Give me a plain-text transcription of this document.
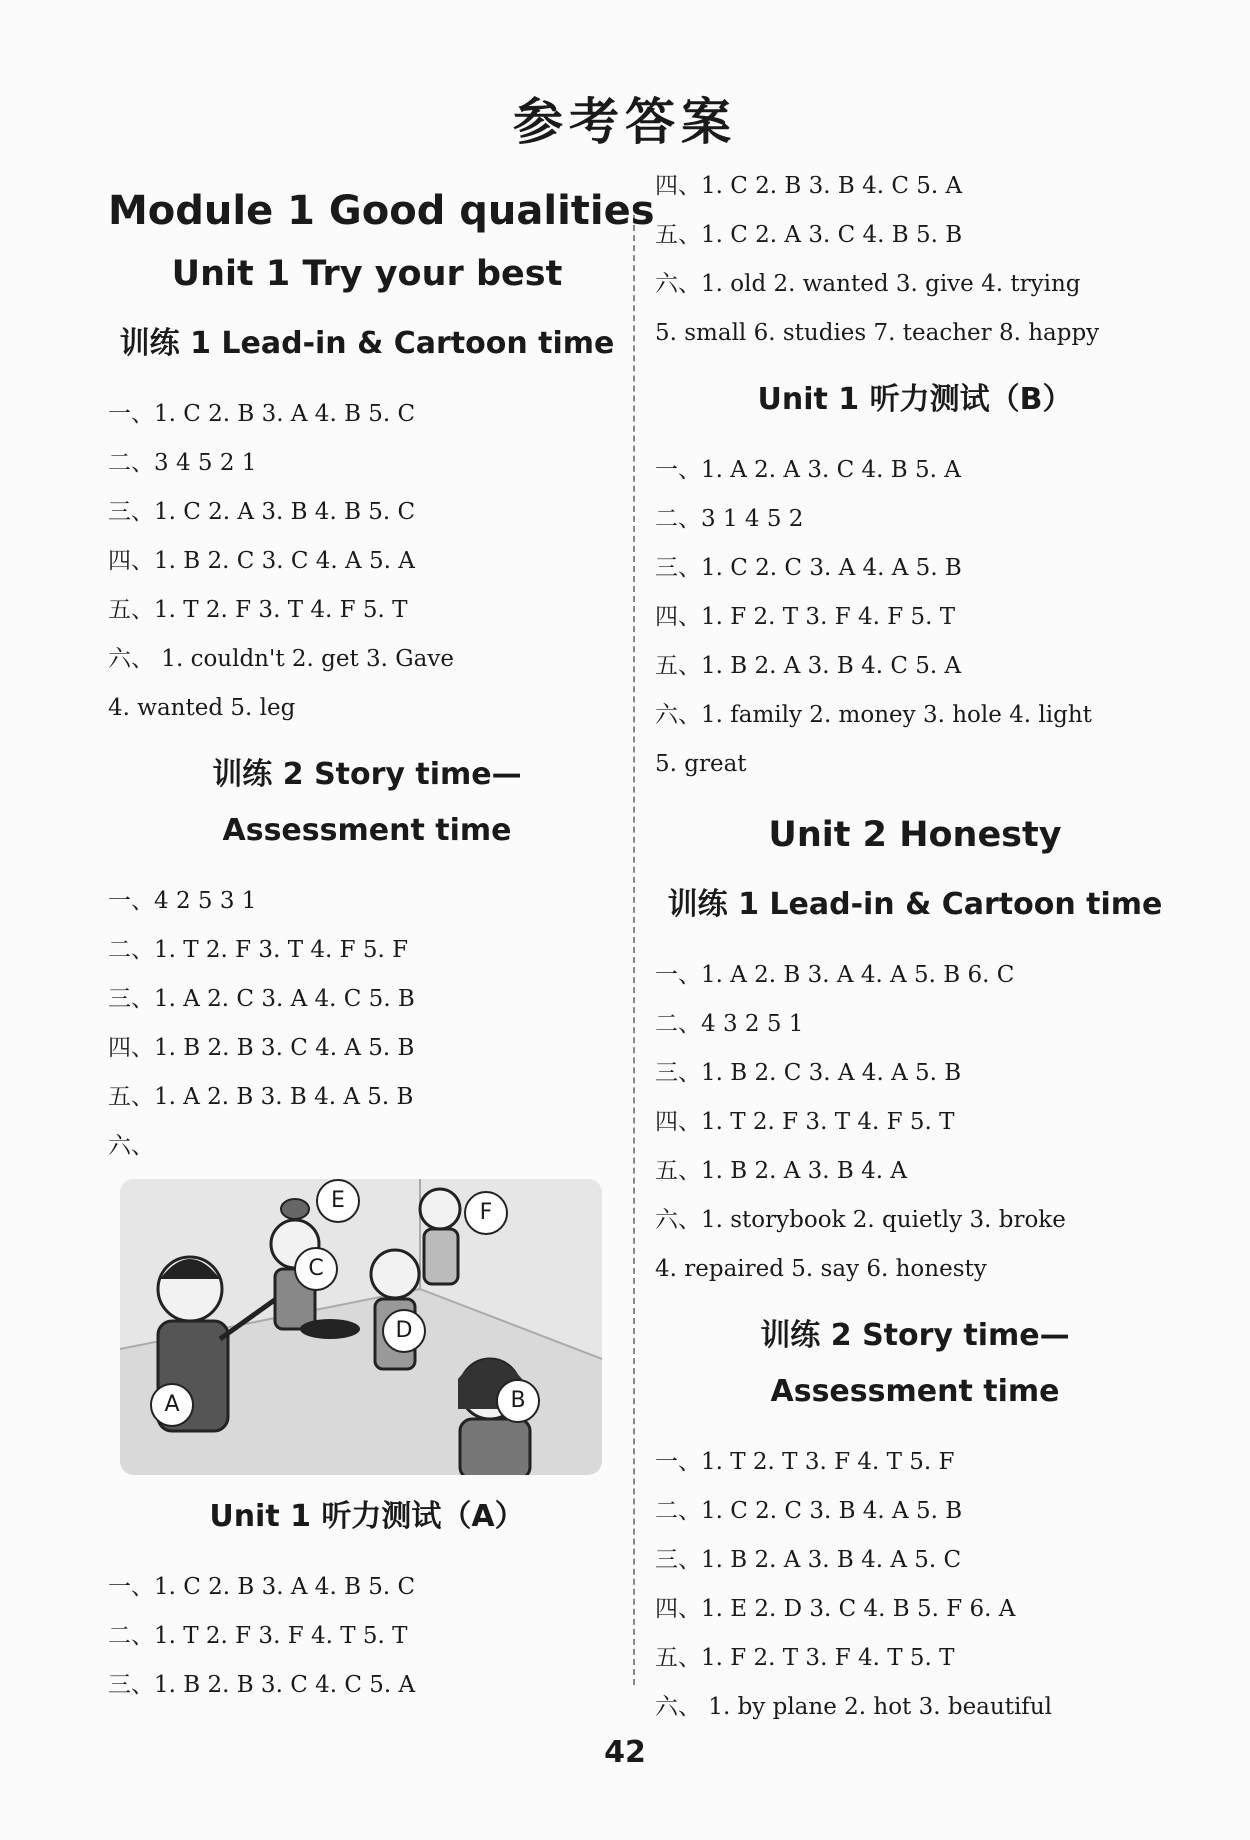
参考答案
Module 1 Good qualities
Unit 1 Try your best
训练 1 Lead-in & Cartoon time
一、1. C 2. B 3. A 4. B 5. C
二、3 4 5 2 1
三、1. C 2. A 3. B 4. B 5. C
四、1. B 2. C 3. C 4. A 5. A
五、1. T 2. F 3. T 4. F 5. T
六、 1. couldn't 2. get 3. Gave
4. wanted 5. leg
训练 2 Story time—
Assessment time
一、4 2 5 3 1
二、1. T 2. F 3. T 4. F 5. F
三、1. A 2. C 3. A 4. C 5. B
四、1. B 2. B 3. C 4. A 5. B
五、1. A 2. B 3. B 4. A 5. B
六、
E	F
C
D
A	B
Unit 1 听力测试（A）
一、1. C 2. B 3. A 4. B 5. C
二、1. T 2. F 3. F 4. T 5. T
三、1. B 2. B 3. C 4. C 5. A
四、1. C 2. B 3. B 4. C 5. A
五、1. C 2. A 3. C 4. B 5. B
六、1. old 2. wanted 3. give 4. trying
5. small 6. studies 7. teacher 8. happy
Unit 1 听力测试（B）
一、1. A 2. A 3. C 4. B 5. A
二、3 1 4 5 2
三、1. C 2. C 3. A 4. A 5. B
四、1. F 2. T 3. F 4. F 5. T
五、1. B 2. A 3. B 4. C 5. A
六、1. family 2. money 3. hole 4. light
5. great
Unit 2 Honesty
训练 1 Lead-in & Cartoon time
一、1. A 2. B 3. A 4. A 5. B 6. C
二、4 3 2 5 1
三、1. B 2. C 3. A 4. A 5. B
四、1. T 2. F 3. T 4. F 5. T
五、1. B 2. A 3. B 4. A
六、1. storybook 2. quietly 3. broke
4. repaired 5. say 6. honesty
训练 2 Story time—
Assessment time
一、1. T 2. T 3. F 4. T 5. F
二、1. C 2. C 3. B 4. A 5. B
三、1. B 2. A 3. B 4. A 5. C
四、1. E 2. D 3. C 4. B 5. F 6. A
五、1. F 2. T 3. F 4. T 5. T
六、 1. by plane 2. hot 3. beautiful
42
